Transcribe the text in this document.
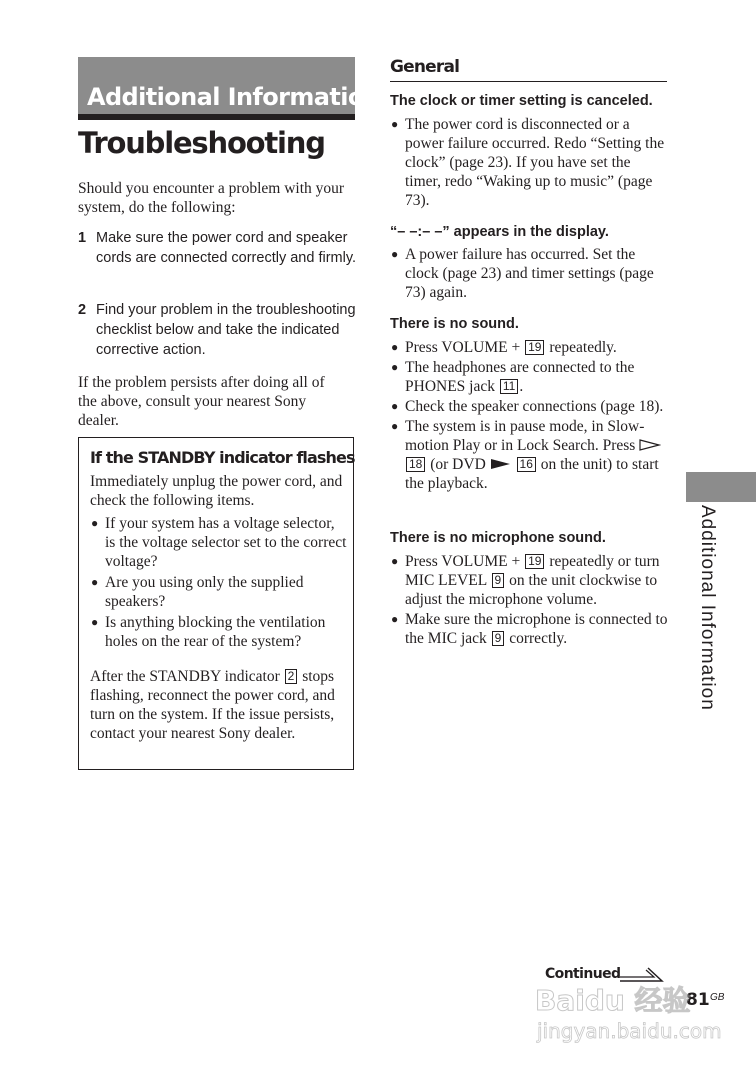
Additional Information
Troubleshooting

Should you encounter a problem with your system, do the following:

1 Make sure the power cord and speaker cords are connected correctly and firmly.
2 Find your problem in the troubleshooting checklist below and take the indicated corrective action.

If the problem persists after doing all of the above, consult your nearest Sony dealer.

If the STANDBY indicator flashes

Immediately unplug the power cord, and check the following items.

● If your system has a voltage selector, is the voltage selector set to the correct voltage?
● Are you using only the supplied speakers?
● Is anything blocking the ventilation holes on the rear of the system?

After the STANDBY indicator 2 stops flashing, reconnect the power cord, and turn on the system. If the issue persists, contact your nearest Sony dealer.

General
The clock or timer setting is canceled.
● The power cord is disconnected or a power failure occurred. Redo “Setting the clock” (page 23). If you have set the timer, redo “Waking up to music” (page 73).
“– –:– –” appears in the display.
● A power failure has occurred. Set the clock (page 23) and timer settings (page 73) again.
There is no sound.
● Press VOLUME + 19 repeatedly.
● The headphones are connected to the PHONES jack 11 .
● Check the speaker connections (page 18).
● The system is in pause mode, in Slow-motion Play or in Lock Search. Press  18 (or DVD	16 on the unit) to start the playback.
There is no microphone sound.
● Press VOLUME + 19 repeatedly or turn MIC LEVEL 9 on the unit clockwise to adjust the microphone volume.
● Make sure the microphone is connected to the MIC jack 9 correctly.	Additional Information
Continued
81 GB
Baidu 经验
jingyan.baidu.com
